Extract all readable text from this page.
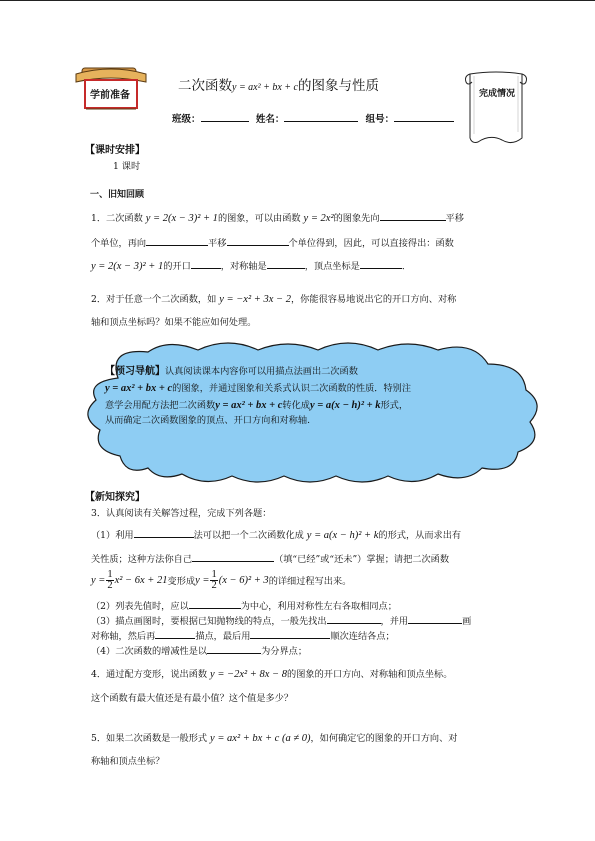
学前准备
二次函数y = ax² + bx + c的图象与性质	完成情况
班级：	姓名：	组号：
【课时安排】
1 课时
一、旧知回顾
1．二次函数 y = 2(x − 3)² + 1的图象，可以由函数 y = 2x²的图象先向	平移
个单位，再向	平移	个单位得到，因此，可以直接得出：函数
y = 2(x − 3)² + 1的开口	，对称轴是	，顶点坐标是	．
2．对于任意一个二次函数，如 y = −x² + 3x − 2，你能很容易地说出它的开口方向、对称
轴和顶点坐标吗？如果不能应如何处理。
【预习导航】认真阅读课本内容你可以用描点法画出二次函数
y = ax² + bx + c的图象，并通过图象和关系式认识二次函数的性质．特别注
意学会用配方法把二次函数y = ax² + bx + c转化成y = a(x − h)² + k形式，
从而确定二次函数图象的顶点、开口方向和对称轴.
【新知探究】
3．认真阅读有关解答过程，完成下列各题：
（1）利用	法可以把一个二次函数化成 y = a(x − h)² + k的形式，从而求出有
关性质；这种方法你自己	（填“已经”或“还未”）掌握；请把二次函数
$y = \frac{1}{2} x^2 - 6x + 21$ 变形成 $y = \frac{1}{2} (x - 6)^2 + 3$ 的详细过程写出来。
（2）列表先值时，应以	为中心，利用对称性左右各取相同点；
（3）描点画图时，要根据已知抛物线的特点，一般先找出	，并用	画
对称轴，然后再	描点，最后用	顺次连结各点；
（4）二次函数的增减性是以	为分界点；
4．通过配方变形，说出函数 y = −2x² + 8x − 8的图象的开口方向、对称轴和顶点坐标。
这个函数有最大值还是有最小值？这个值是多少？
5．如果二次函数是一般形式 y = ax² + bx + c (a ≠ 0)，如何确定它的图象的开口方向、对
称轴和顶点坐标？
